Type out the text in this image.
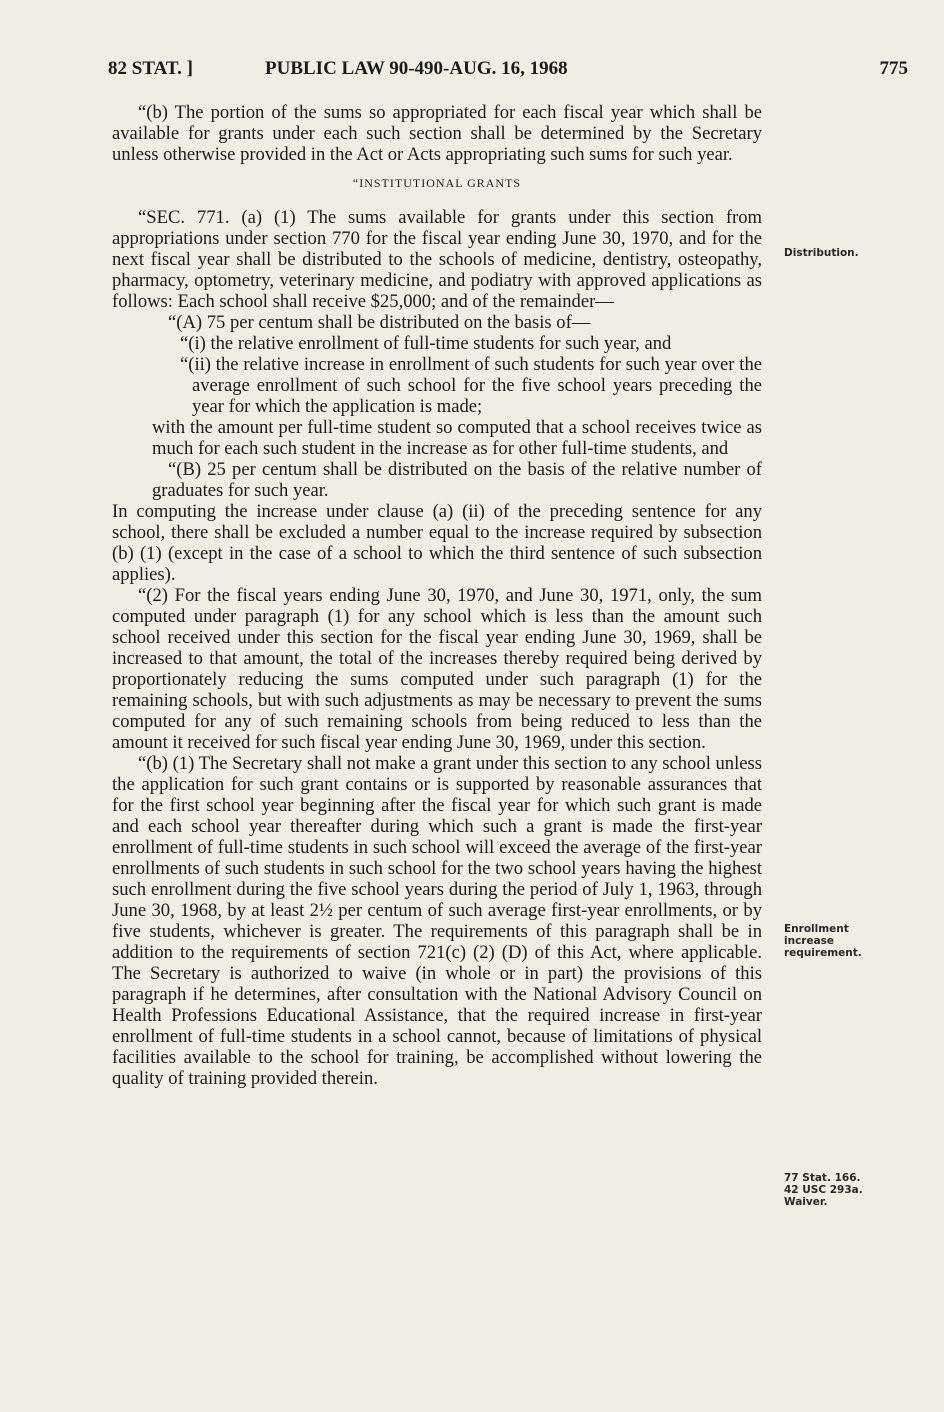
82 STAT. ]	PUBLIC LAW 90-490-AUG. 16, 1968	775

“(b) The portion of the sums so appropriated for each fiscal year which shall be available for grants under each such section shall be determined by the Secretary unless otherwise provided in the Act or Acts appropriating such sums for such year.

“INSTITUTIONAL GRANTS

“SEC. 771. (a) (1) The sums available for grants under this section from appropriations under section 770 for the fiscal year ending June 30, 1970, and for the next fiscal year shall be distributed to the schools of medicine, dentistry, osteopathy, pharmacy, optometry, veterinary medicine, and podiatry with approved applications as follows: Each school shall receive $25,000; and of the remainder—

“(A) 75 per centum shall be distributed on the basis of—

“(i) the relative enrollment of full-time students for such year, and

“(ii) the relative increase in enrollment of such students for such year over the average enrollment of such school for the five school years preceding the year for which the application is made;

with the amount per full-time student so computed that a school receives twice as much for each such student in the increase as for other full-time students, and

“(B) 25 per centum shall be distributed on the basis of the relative number of graduates for such year.

In computing the increase under clause (a) (ii) of the preceding sentence for any school, there shall be excluded a number equal to the increase required by subsection (b) (1) (except in the case of a school to which the third sentence of such subsection applies).

“(2) For the fiscal years ending June 30, 1970, and June 30, 1971, only, the sum computed under paragraph (1) for any school which is less than the amount such school received under this section for the fiscal year ending June 30, 1969, shall be increased to that amount, the total of the increases thereby required being derived by proportionately reducing the sums computed under such paragraph (1) for the remaining schools, but with such adjustments as may be necessary to prevent the sums computed for any of such remaining schools from being reduced to less than the amount it received for such fiscal year ending June 30, 1969, under this section.

“(b) (1) The Secretary shall not make a grant under this section to any school unless the application for such grant contains or is supported by reasonable assurances that for the first school year beginning after the fiscal year for which such grant is made and each school year thereafter during which such a grant is made the first-year enrollment of full-time students in such school will exceed the average of the first-year enrollments of such students in such school for the two school years having the highest such enrollment during the five school years during the period of July 1, 1963, through June 30, 1968, by at least 2½ per centum of such average first-year enrollments, or by five students, whichever is greater. The requirements of this paragraph shall be in addition to the requirements of section 721(c) (2) (D) of this Act, where applicable. The Secretary is authorized to waive (in whole or in part) the provisions of this paragraph if he determines, after consultation with the National Advisory Council on Health Professions Educational Assistance, that the required increase in first-year enrollment of full-time students in a school cannot, because of limitations of physical facilities available to the school for training, be accomplished without lowering the quality of training provided therein.

Distribution.
Enrollment increase requirement.
77 Stat. 166.
42 USC 293a.
Waiver.
